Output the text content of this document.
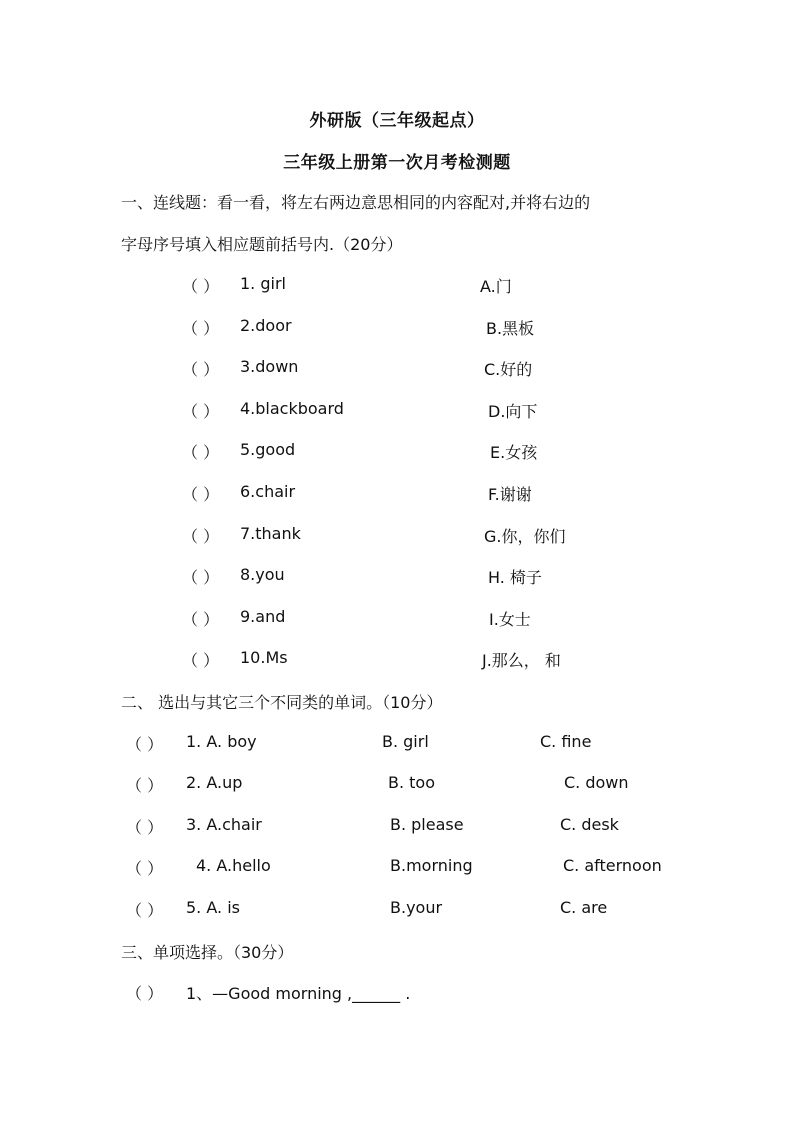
外研版（三年级起点）
三年级上册第一次月考检测题
一、连线题：看一看，将左右两边意思相同的内容配对,并将右边的
字母序号填入相应题前括号内.（20分）
（ ） 1. girl	A.门
（ ） 2.door	B.黑板
（ ） 3.down	C.好的
（ ） 4.blackboard	D.向下
（ ） 5.good	E.女孩
（ ） 6.chair	F.谢谢
（ ） 7.thank	G.你，你们
（ ） 8.you	H. 椅子
（ ） 9.and	I.女士
（ ） 10.Ms	J.那么， 和
二、 选出与其它三个不同类的单词。（10分）
（ ） 1. A. boy	B. girl	C. fine
（ ） 2. A.up	B. too	C. down
（ ） 3. A.chair	B. please	C. desk
（ ） 4. A.hello	B.morning	C. afternoon
（ ） 5. A. is	B.your	C. are
三、单项选择。（30分）
（ ） 1、—Good morning ,______ .
